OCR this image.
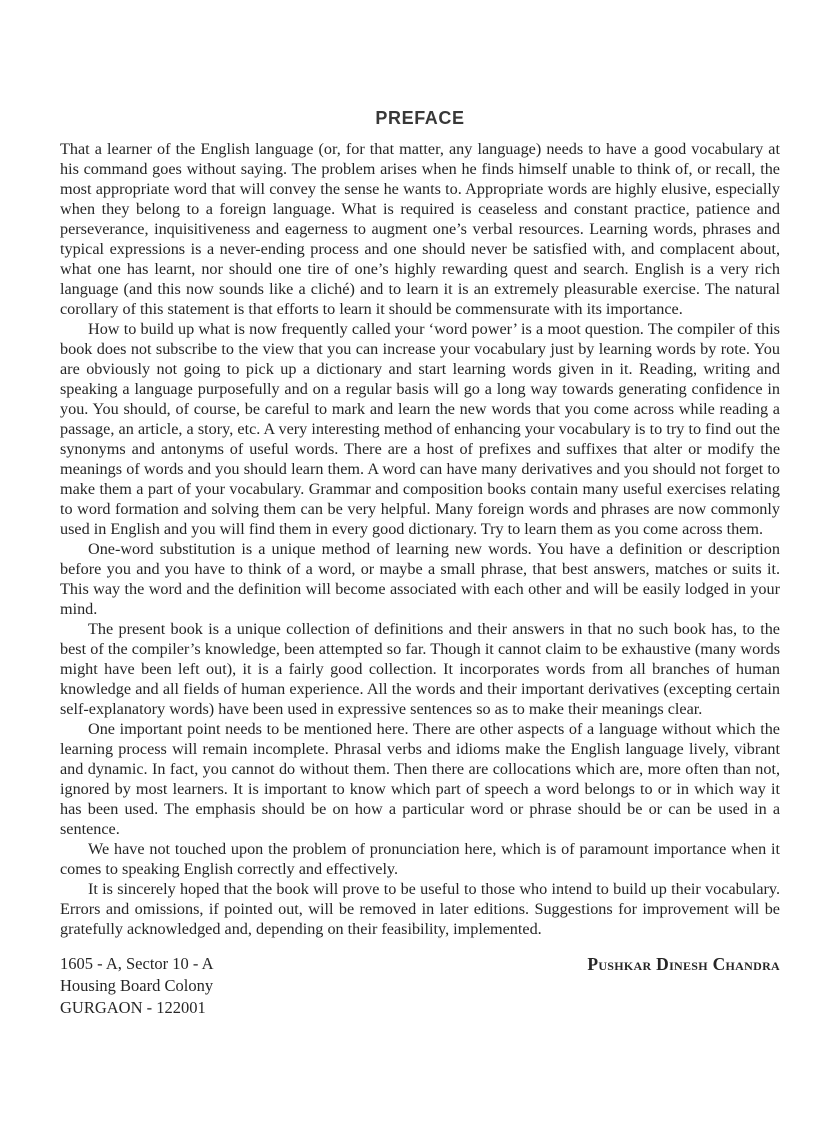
PREFACE

That a learner of the English language (or, for that matter, any language) needs to have a good vocabulary at his command goes without saying. The problem arises when he finds himself unable to think of, or recall, the most appropriate word that will convey the sense he wants to. Appropriate words are highly elusive, especially when they belong to a foreign language. What is required is ceaseless and constant practice, patience and perseverance, inquisitiveness and eagerness to augment one’s verbal resources. Learning words, phrases and typical expressions is a never-ending process and one should never be satisfied with, and complacent about, what one has learnt, nor should one tire of one’s highly rewarding quest and search. English is a very rich language (and this now sounds like a cliché) and to learn it is an extremely pleasurable exercise. The natural corollary of this statement is that efforts to learn it should be commensurate with its importance.

How to build up what is now frequently called your ‘word power’ is a moot question. The compiler of this book does not subscribe to the view that you can increase your vocabulary just by learning words by rote. You are obviously not going to pick up a dictionary and start learning words given in it. Reading, writing and speaking a language purposefully and on a regular basis will go a long way towards generating confidence in you. You should, of course, be careful to mark and learn the new words that you come across while reading a passage, an article, a story, etc. A very interesting method of enhancing your vocabulary is to try to find out the synonyms and antonyms of useful words. There are a host of prefixes and suffixes that alter or modify the meanings of words and you should learn them. A word can have many derivatives and you should not forget to make them a part of your vocabulary. Grammar and composition books contain many useful exercises relating to word formation and solving them can be very helpful. Many foreign words and phrases are now commonly used in English and you will find them in every good dictionary. Try to learn them as you come across them.

One-word substitution is a unique method of learning new words. You have a definition or description before you and you have to think of a word, or maybe a small phrase, that best answers, matches or suits it. This way the word and the definition will become associated with each other and will be easily lodged in your mind.

The present book is a unique collection of definitions and their answers in that no such book has, to the best of the compiler’s knowledge, been attempted so far. Though it cannot claim to be exhaustive (many words might have been left out), it is a fairly good collection. It incorporates words from all branches of human knowledge and all fields of human experience. All the words and their important derivatives (excepting certain self-explanatory words) have been used in expressive sentences so as to make their meanings clear.

One important point needs to be mentioned here. There are other aspects of a language without which the learning process will remain incomplete. Phrasal verbs and idioms make the English language lively, vibrant and dynamic. In fact, you cannot do without them. Then there are collocations which are, more often than not, ignored by most learners. It is important to know which part of speech a word belongs to or in which way it has been used. The emphasis should be on how a particular word or phrase should be or can be used in a sentence.

We have not touched upon the problem of pronunciation here, which is of paramount importance when it comes to speaking English correctly and effectively.

It is sincerely hoped that the book will prove to be useful to those who intend to build up their vocabulary. Errors and omissions, if pointed out, will be removed in later editions. Suggestions for improvement will be gratefully acknowledged and, depending on their feasibility, implemented.

1605 - A, Sector 10 - A
Housing Board Colony
GURGAON - 122001
Pushkar Dinesh Chandra
